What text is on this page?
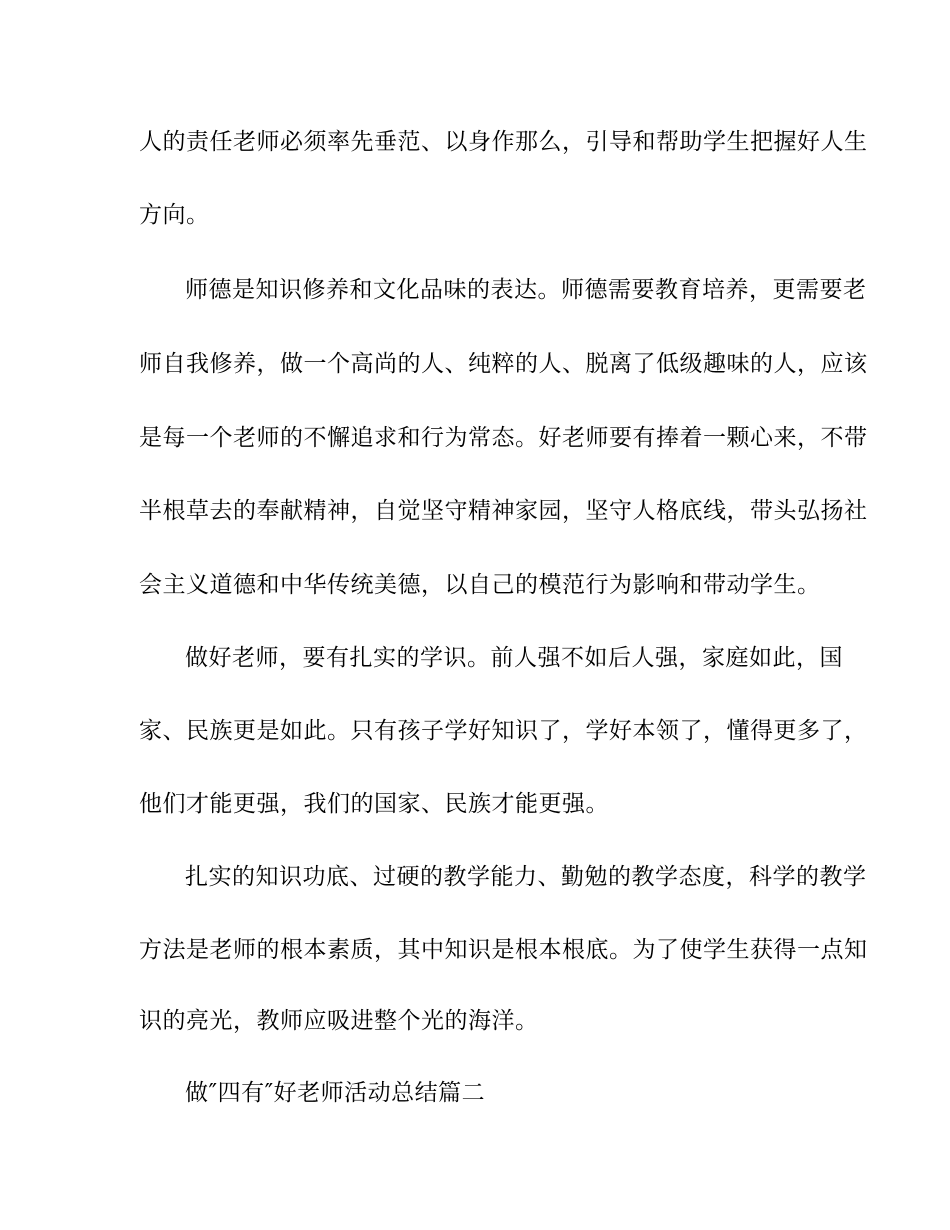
人的责任老师必须率先垂范、以身作那么，引导和帮助学生把握好人生
方向。
师德是知识修养和文化品味的表达。师德需要教育培养，更需要老
师自我修养，做一个高尚的人、纯粹的人、脱离了低级趣味的人，应该
是每一个老师的不懈追求和行为常态。好老师要有捧着一颗心来，不带
半根草去的奉献精神，自觉坚守精神家园，坚守人格底线，带头弘扬社
会主义道德和中华传统美德，以自己的模范行为影响和带动学生。
做好老师，要有扎实的学识。前人强不如后人强，家庭如此，国
家、民族更是如此。只有孩子学好知识了，学好本领了，懂得更多了，
他们才能更强，我们的国家、民族才能更强。
扎实的知识功底、过硬的教学能力、勤勉的教学态度，科学的教学
方法是老师的根本素质，其中知识是根本根底。为了使学生获得一点知
识的亮光，教师应吸进整个光的海洋。
做″四有″好老师活动总结篇二
